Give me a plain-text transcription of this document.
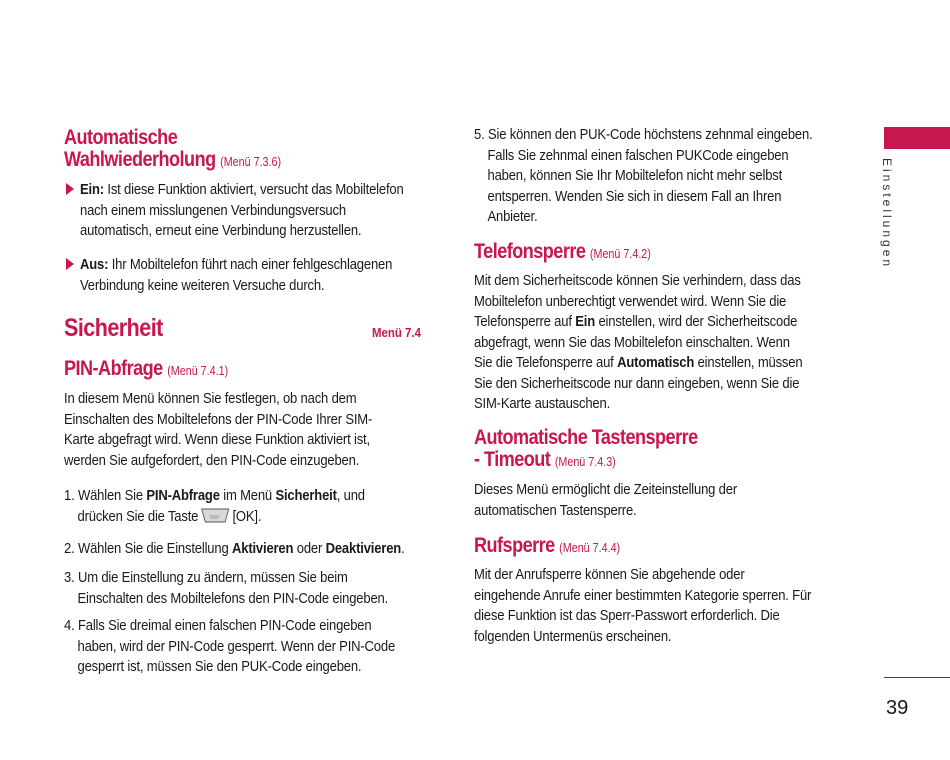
Automatische
Wahlwiederholung (Menü 7.3.6)
Ein: Ist diese Funktion aktiviert, versucht das Mobiltelefon
nach einem misslungenen Verbindungsversuch
automatisch, erneut eine Verbindung herzustellen.
Aus: Ihr Mobiltelefon führt nach einer fehlgeschlagenen
Verbindung keine weiteren Versuche durch.
Sicherheit	Menü 7.4
PIN-Abfrage (Menü 7.4.1)
In diesem Menü können Sie festlegen, ob nach dem
Einschalten des Mobiltelefons der PIN-Code Ihrer SIM-
Karte abgefragt wird. Wenn diese Funktion aktiviert ist,
werden Sie aufgefordert, den PIN-Code einzugeben.
1. Wählen Sie PIN-Abfrage im Menü Sicherheit, und
drücken Sie die Taste [OK].
2. Wählen Sie die Einstellung Aktivieren oder Deaktivieren.
3. Um die Einstellung zu ändern, müssen Sie beim
Einschalten des Mobiltelefons den PIN-Code eingeben.
4. Falls Sie dreimal einen falschen PIN-Code eingeben
haben, wird der PIN-Code gesperrt. Wenn der PIN-Code
gesperrt ist, müssen Sie den PUK-Code eingeben.
5. Sie können den PUK-Code höchstens zehnmal eingeben.
Falls Sie zehnmal einen falschen PUKCode eingeben
haben, können Sie Ihr Mobiltelefon nicht mehr selbst
entsperren. Wenden Sie sich in diesem Fall an Ihren
Anbieter.
Telefonsperre (Menü 7.4.2)
Mit dem Sicherheitscode können Sie verhindern, dass das
Mobiltelefon unberechtigt verwendet wird. Wenn Sie die
Telefonsperre auf Ein einstellen, wird der Sicherheitscode
abgefragt, wenn Sie das Mobiltelefon einschalten. Wenn
Sie die Telefonsperre auf Automatisch einstellen, müssen
Sie den Sicherheitscode nur dann eingeben, wenn Sie die
SIM-Karte austauschen.
Automatische Tastensperre
- Timeout (Menü 7.4.3)
Dieses Menü ermöglicht die Zeiteinstellung der
automatischen Tastensperre.
Rufsperre (Menü 7.4.4)
Mit der Anrufsperre können Sie abgehende oder
eingehende Anrufe einer bestimmten Kategorie sperren. Für
diese Funktion ist das Sperr-Passwort erforderlich. Die
folgenden Untermenüs erscheinen.
Einstellungen
39
